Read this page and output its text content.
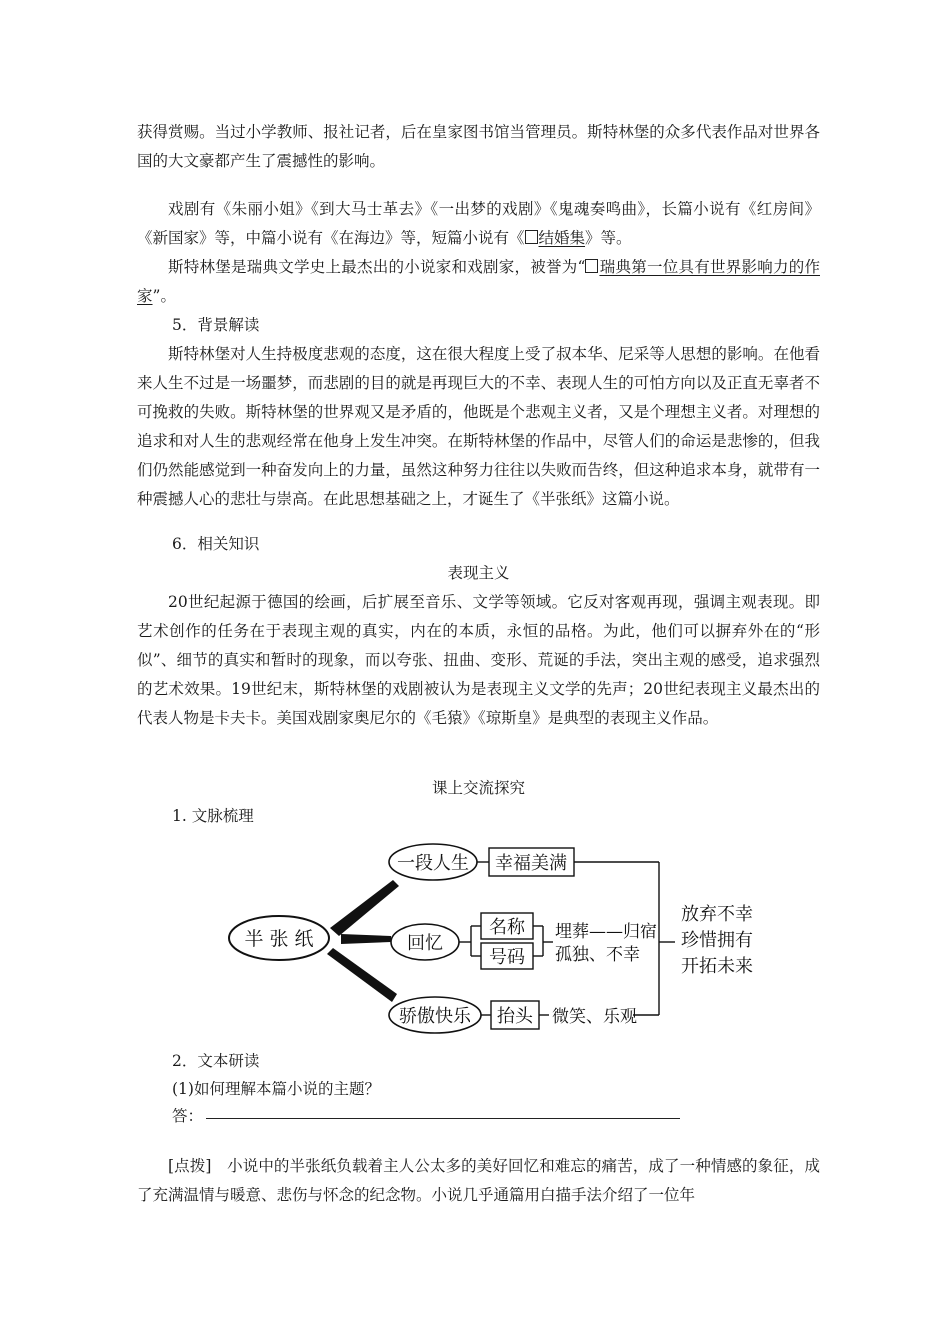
获得赏赐。当过小学教师、报社记者，后在皇家图书馆当管理员。斯特林堡的众多代表作品对世界各国的大文豪都产生了震撼性的影响。

戏剧有《朱丽小姐》《到大马士革去》《一出梦的戏剧》《鬼魂奏鸣曲》，长篇小说有《红房间》《新国家》等，中篇小说有《在海边》等，短篇小说有《 结婚集》等。

斯特林堡是瑞典文学史上最杰出的小说家和戏剧家，被誉为“ 瑞典第一位具有世界影响力的作家”。

5．背景解读

斯特林堡对人生持极度悲观的态度，这在很大程度上受了叔本华、尼采等人思想的影响。在他看来人生不过是一场噩梦，而悲剧的目的就是再现巨大的不幸、表现人生的可怕方向以及正直无辜者不可挽救的失败。斯特林堡的世界观又是矛盾的，他既是个悲观主义者，又是个理想主义者。对理想的追求和对人生的悲观经常在他身上发生冲突。在斯特林堡的作品中，尽管人们的命运是悲惨的，但我们仍然能感觉到一种奋发向上的力量，虽然这种努力往往以失败而告终，但这种追求本身，就带有一种震撼人心的悲壮与崇高。在此思想基础之上，才诞生了《半张纸》这篇小说。

6．相关知识
表现主义

20世纪起源于德国的绘画，后扩展至音乐、文学等领域。它反对客观再现，强调主观表现。即艺术创作的任务在于表现主观的真实，内在的本质，永恒的品格。为此，他们可以摒弃外在的“形似”、细节的真实和暂时的现象，而以夸张、扭曲、变形、荒诞的手法，突出主观的感受，追求强烈的艺术效果。19世纪末，斯特林堡的戏剧被认为是表现主义文学的先声；20世纪表现主义最杰出的代表人物是卡夫卡。美国戏剧家奥尼尔的《毛猿》《琼斯皇》是典型的表现主义作品。

课上交流探究
1. 文脉梳理
半 张 纸
一段人生
回忆
骄傲快乐
幸福美满
名称
号码
抬头
埋葬——归宿
孤独、不幸
微笑、乐观
放弃不幸
珍惜拥有
开拓未来
2．文本研读
(1)如何理解本篇小说的主题？
答：

[点拨]　 小说中的半张纸负载着主人公太多的美好回忆和难忘的痛苦，成了一种情感的象征，成了充满温情与暖意、悲伤与怀念的纪念物。小说几乎通篇用白描手法介绍了一位年
